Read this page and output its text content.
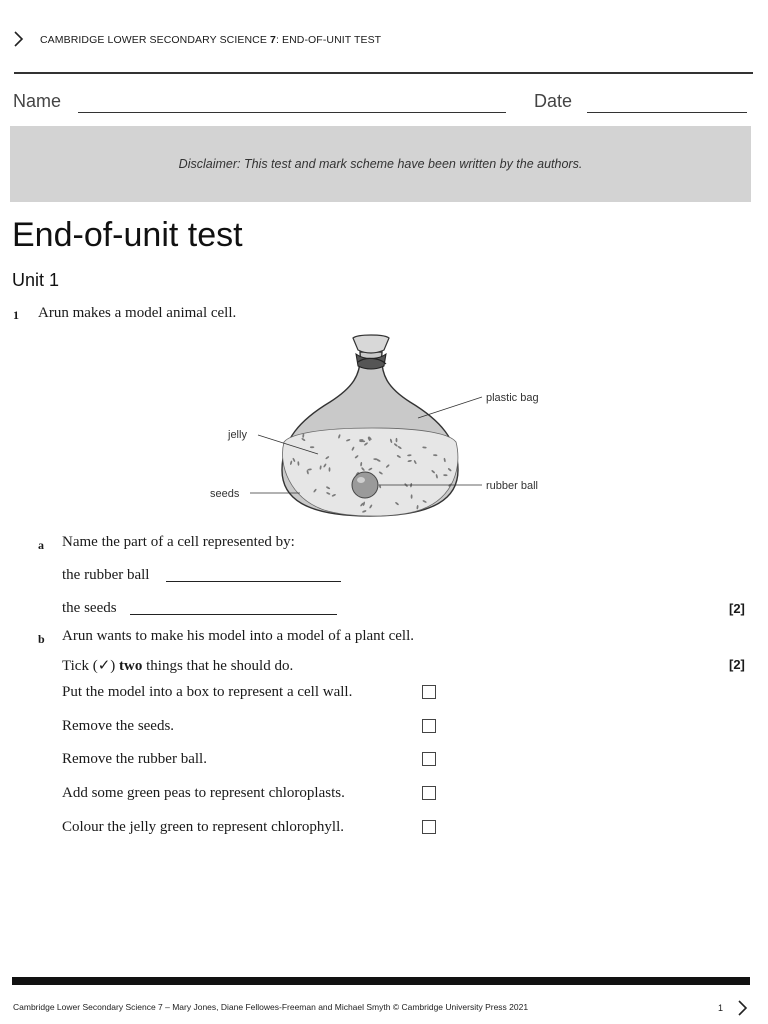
CAMBRIDGE LOWER SECONDARY SCIENCE 7: END-OF-UNIT TEST
Name	Date
Disclaimer: This test and mark scheme have been written by the authors.
End-of-unit test
Unit 1
1 Arun makes a model animal cell.
plastic bag
jelly
rubber ball
seeds
a Name the part of a cell represented by:
the rubber ball
the seeds	[2]
b Arun wants to make his model into a model of a plant cell.
Tick (✓) two things that he should do.	[2]
Put the model into a box to represent a cell wall.
Remove the seeds.
Remove the rubber ball.
Add some green peas to represent chloroplasts.
Colour the jelly green to represent chlorophyll.
Cambridge Lower Secondary Science 7 – Mary Jones, Diane Fellowes-Freeman and Michael Smyth © Cambridge University Press 2021	1
